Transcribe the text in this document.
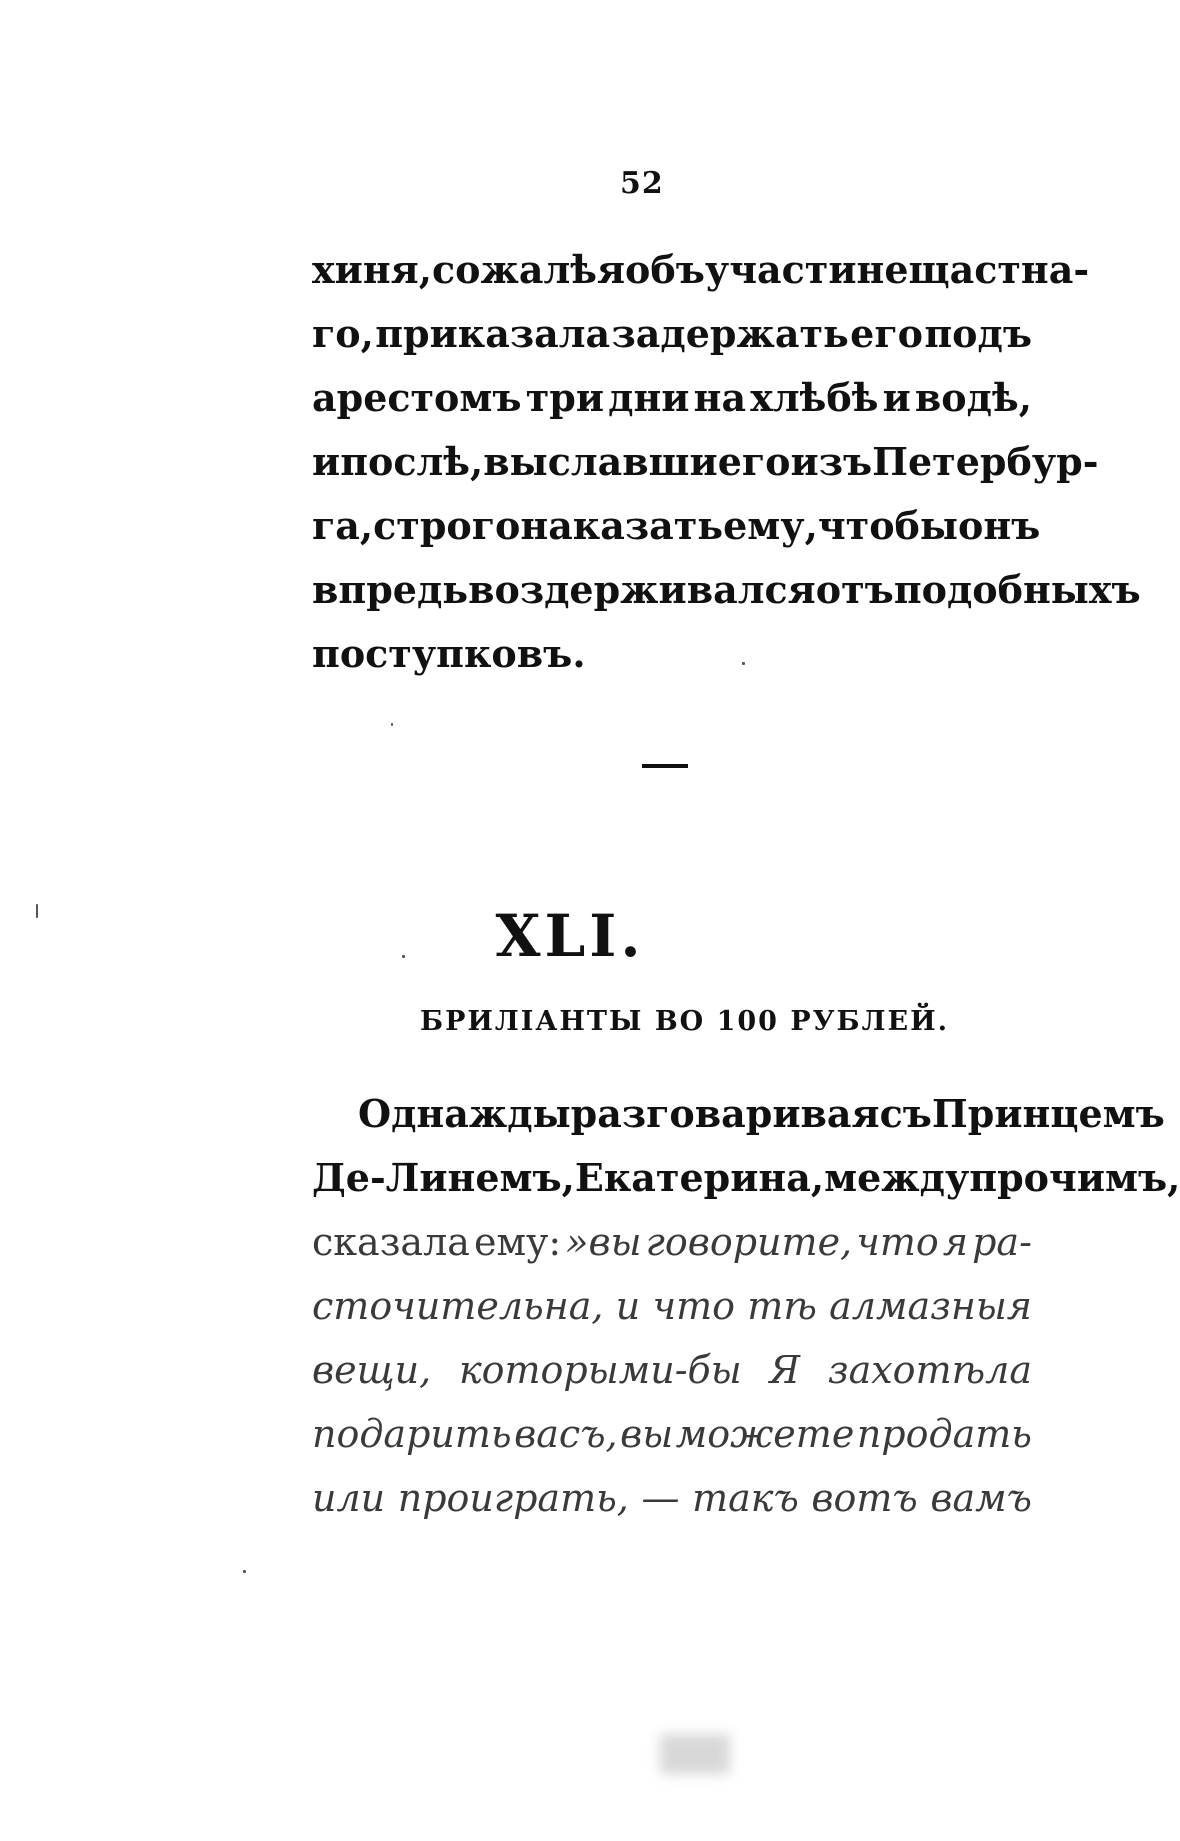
52
хиня, сожалѣя объ участи нещастна-
го, приказала задержать его подъ
арестомъ три дни на хлѣбѣ и водѣ,
и послѣ, выславши его изъ Петербур-
га, строго наказать ему, чтобы онъ
впредь воздерживался отъ подобныхъ
поступковъ.
XLI.
БРИЛІАНТЫ ВО 100 РУБЛЕЙ.
Однажды разговаривая съ Принцемъ
Де-Линемъ,Екатерина, между прочимъ,
сказала ему: »вы говорите, что я ра-
сточительна, и что тѣ алмазныя
вещи, которыми-бы Я захотѣла
подарить васъ, вы можете продать
или проиграть, — такъ вотъ вамъ
